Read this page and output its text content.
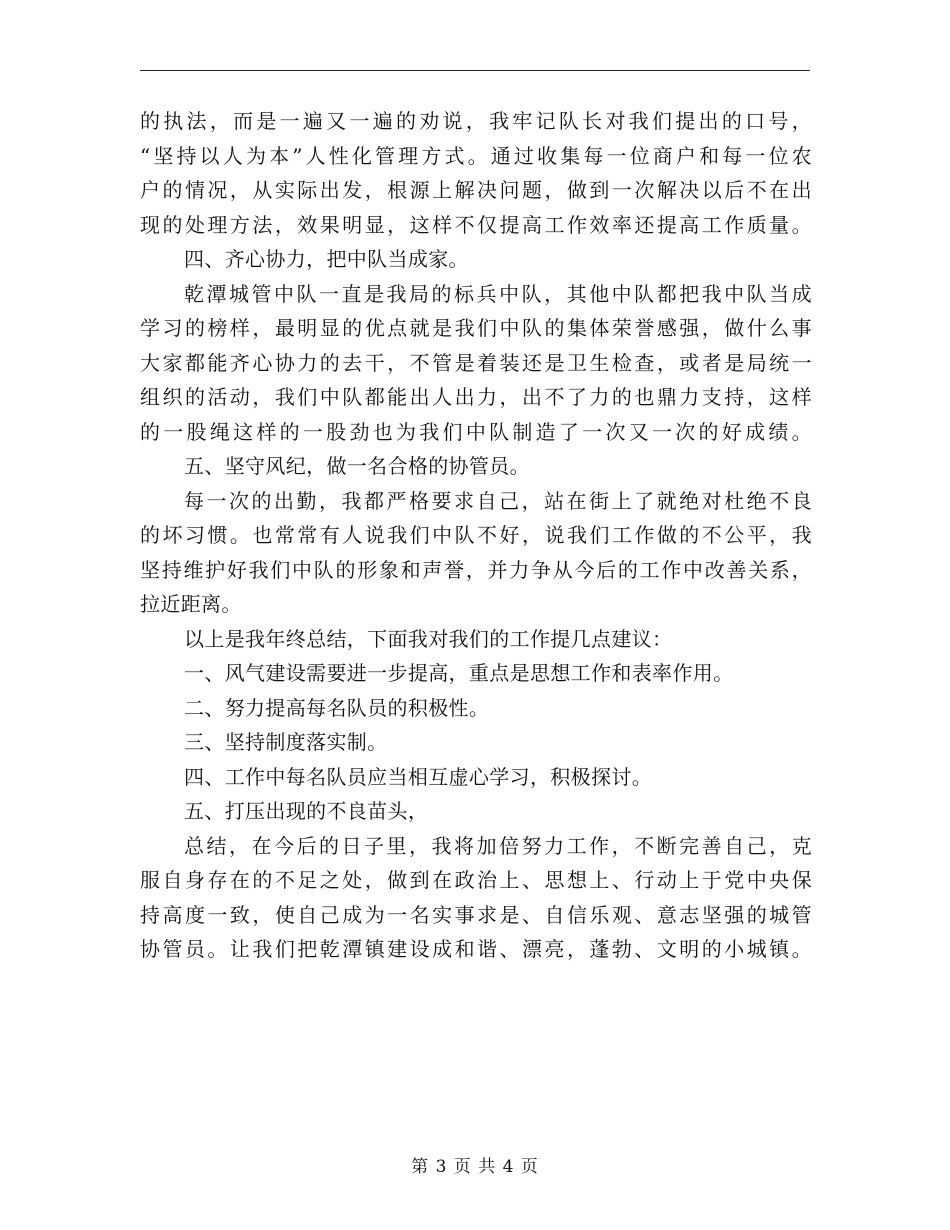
的执法，而是一遍又一遍的劝说，我牢记队长对我们提出的口号，
“坚持以人为本”人性化管理方式。通过收集每一位商户和每一位农
户的情况，从实际出发，根源上解决问题，做到一次解决以后不在出
现的处理方法，效果明显，这样不仅提高工作效率还提高工作质量。
四、齐心协力，把中队当成家。
乾潭城管中队一直是我局的标兵中队，其他中队都把我中队当成
学习的榜样，最明显的优点就是我们中队的集体荣誉感强，做什么事
大家都能齐心协力的去干，不管是着装还是卫生检查，或者是局统一
组织的活动，我们中队都能出人出力，出不了力的也鼎力支持，这样
的一股绳这样的一股劲也为我们中队制造了一次又一次的好成绩。
五、坚守风纪，做一名合格的协管员。
每一次的出勤，我都严格要求自己，站在街上了就绝对杜绝不良
的坏习惯。也常常有人说我们中队不好，说我们工作做的不公平，我
坚持维护好我们中队的形象和声誉，并力争从今后的工作中改善关系，
拉近距离。
以上是我年终总结，下面我对我们的工作提几点建议：
一、风气建设需要进一步提高，重点是思想工作和表率作用。
二、努力提高每名队员的积极性。
三、坚持制度落实制。
四、工作中每名队员应当相互虚心学习，积极探讨。
五、打压出现的不良苗头，
总结，在今后的日子里，我将加倍努力工作，不断完善自己，克
服自身存在的不足之处，做到在政治上、思想上、行动上于党中央保
持高度一致，使自己成为一名实事求是、自信乐观、意志坚强的城管
协管员。让我们把乾潭镇建设成和谐、漂亮，蓬勃、文明的小城镇。
第 3 页 共 4 页
